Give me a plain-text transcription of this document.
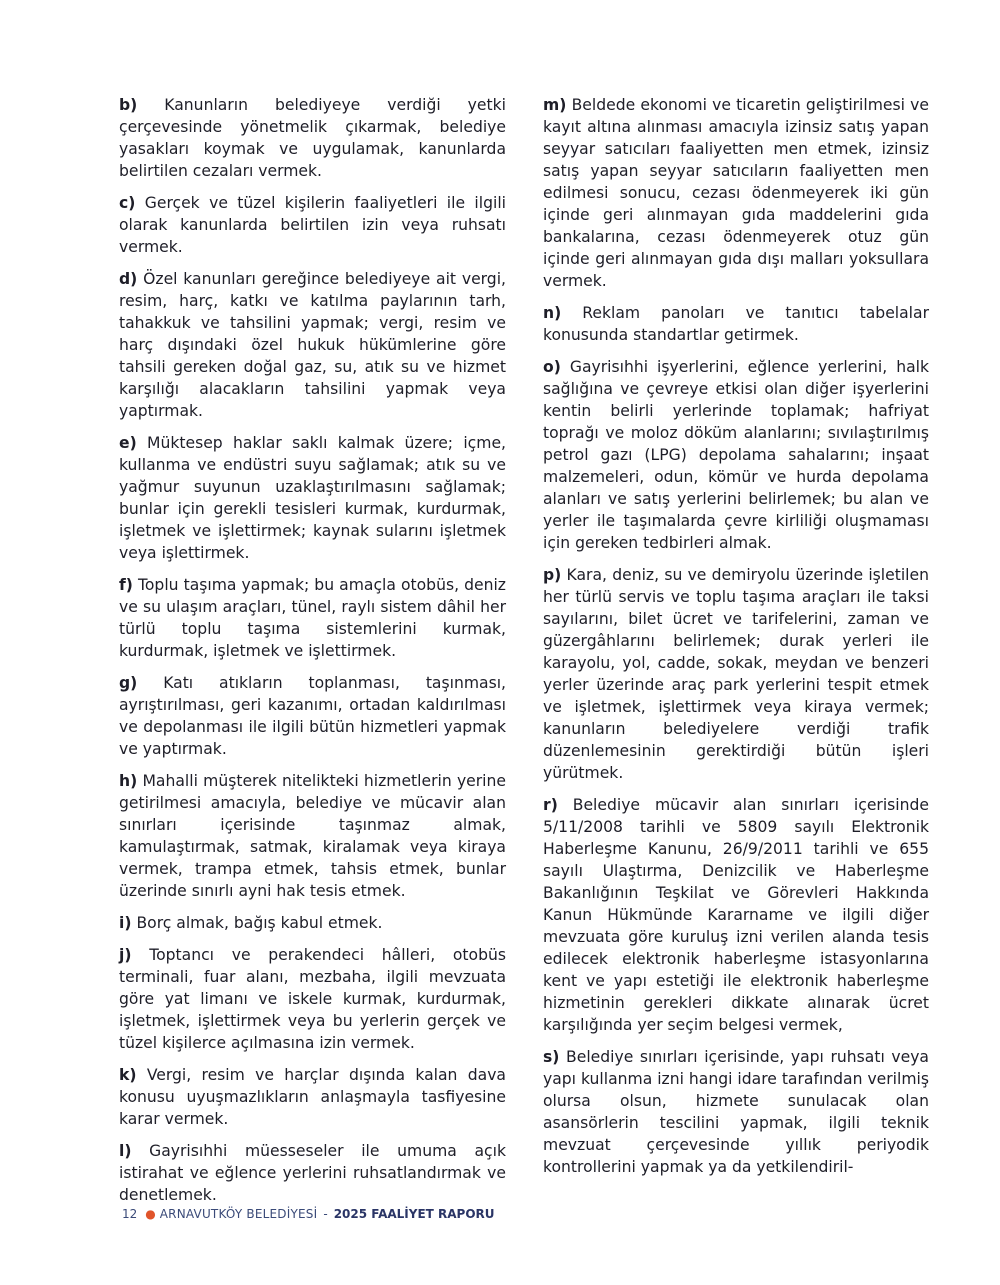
b) Kanunların belediyeye verdiği yetki çerçevesinde yönetmelik çıkarmak, belediye yasakları koymak ve uygulamak, kanunlarda belirtilen cezaları vermek.

c) Gerçek ve tüzel kişilerin faaliyetleri ile ilgili olarak kanunlarda belirtilen izin veya ruhsatı vermek.

d) Özel kanunları gereğince belediyeye ait vergi, resim, harç, katkı ve katılma paylarının tarh, tahakkuk ve tahsilini yapmak; vergi, resim ve harç dışındaki özel hukuk hükümlerine göre tahsili gereken doğal gaz, su, atık su ve hizmet karşılığı alacakların tahsilini yapmak veya yaptırmak.

e) Müktesep haklar saklı kalmak üzere; içme, kullanma ve endüstri suyu sağlamak; atık su ve yağmur suyunun uzaklaştırılmasını sağlamak; bunlar için gerekli tesisleri kurmak, kurdurmak, işletmek ve işlettirmek; kaynak sularını işletmek veya işlettirmek.

f) Toplu taşıma yapmak; bu amaçla otobüs, deniz ve su ulaşım araçları, tünel, raylı sistem dâhil her türlü toplu taşıma sistemlerini kurmak, kurdurmak, işletmek ve işlettirmek.

g) Katı atıkların toplanması, taşınması, ayrıştırılması, geri kazanımı, ortadan kaldırılması ve depolanması ile ilgili bütün hizmetleri yapmak ve yaptırmak.

h) Mahalli müşterek nitelikteki hizmetlerin yerine getirilmesi amacıyla, belediye ve mücavir alan sınırları içerisinde taşınmaz almak, kamulaştırmak, satmak, kiralamak veya kiraya vermek, trampa etmek, tahsis etmek, bunlar üzerinde sınırlı ayni hak tesis etmek.

i) Borç almak, bağış kabul etmek.

j) Toptancı ve perakendeci hâlleri, otobüs terminali, fuar alanı, mezbaha, ilgili mevzuata göre yat limanı ve iskele kurmak, kurdurmak, işletmek, işlettirmek veya bu yerlerin gerçek ve tüzel kişilerce açılmasına izin vermek.

k) Vergi, resim ve harçlar dışında kalan dava konusu uyuşmazlıkların anlaşmayla tasfiyesine karar vermek.

l) Gayrisıhhi müesseseler ile umuma açık istirahat ve eğlence yerlerini ruhsatlandırmak ve denetlemek.

m) Beldede ekonomi ve ticaretin geliştirilmesi ve kayıt altına alınması amacıyla izinsiz satış yapan seyyar satıcıları faaliyetten men etmek, izinsiz satış yapan seyyar satıcıların faaliyetten men edilmesi sonucu, cezası ödenmeyerek iki gün içinde geri alınmayan gıda maddelerini gıda bankalarına, cezası ödenmeyerek otuz gün içinde geri alınmayan gıda dışı malları yoksullara vermek.

n) Reklam panoları ve tanıtıcı tabelalar konusunda standartlar getirmek.

o) Gayrisıhhi işyerlerini, eğlence yerlerini, halk sağlığına ve çevreye etkisi olan diğer işyerlerini kentin belirli yerlerinde toplamak; hafriyat toprağı ve moloz döküm alanlarını; sıvılaştırılmış petrol gazı (LPG) depolama sahalarını; inşaat malzemeleri, odun, kömür ve hurda depolama alanları ve satış yerlerini belirlemek; bu alan ve yerler ile taşımalarda çevre kirliliği oluşmaması için gereken tedbirleri almak.

p) Kara, deniz, su ve demiryolu üzerinde işletilen her türlü servis ve toplu taşıma araçları ile taksi sayılarını, bilet ücret ve tarifelerini, zaman ve güzergâhlarını belirlemek; durak yerleri ile karayolu, yol, cadde, sokak, meydan ve benzeri yerler üzerinde araç park yerlerini tespit etmek ve işletmek, işlettirmek veya kiraya vermek; kanunların belediyelere verdiği trafik düzenlemesinin gerektirdiği bütün işleri yürütmek.

r) Belediye mücavir alan sınırları içerisinde 5/11/2008 tarihli ve 5809 sayılı Elektronik Haberleşme Kanunu, 26/9/2011 tarihli ve 655 sayılı Ulaştırma, Denizcilik ve Haberleşme Bakanlığının Teşkilat ve Görevleri Hakkında Kanun Hükmünde Kararname ve ilgili diğer mevzuata göre kuruluş izni verilen alanda tesis edilecek elektronik haberleşme istasyonlarına kent ve yapı estetiği ile elektronik haberleşme hizmetinin gerekleri dikkate alınarak ücret karşılığında yer seçim belgesi vermek,

s) Belediye sınırları içerisinde, yapı ruhsatı veya yapı kullanma izni hangi idare tarafından verilmiş olursa olsun, hizmete sunulacak olan asansörlerin tescilini yapmak, ilgili teknik mevzuat çerçevesinde yıllık periyodik kontrollerini yapmak ya da yetkilendiril-

12 ● ARNAVUTKÖY BELEDİYESİ - 2025 FAALİYET RAPORU
